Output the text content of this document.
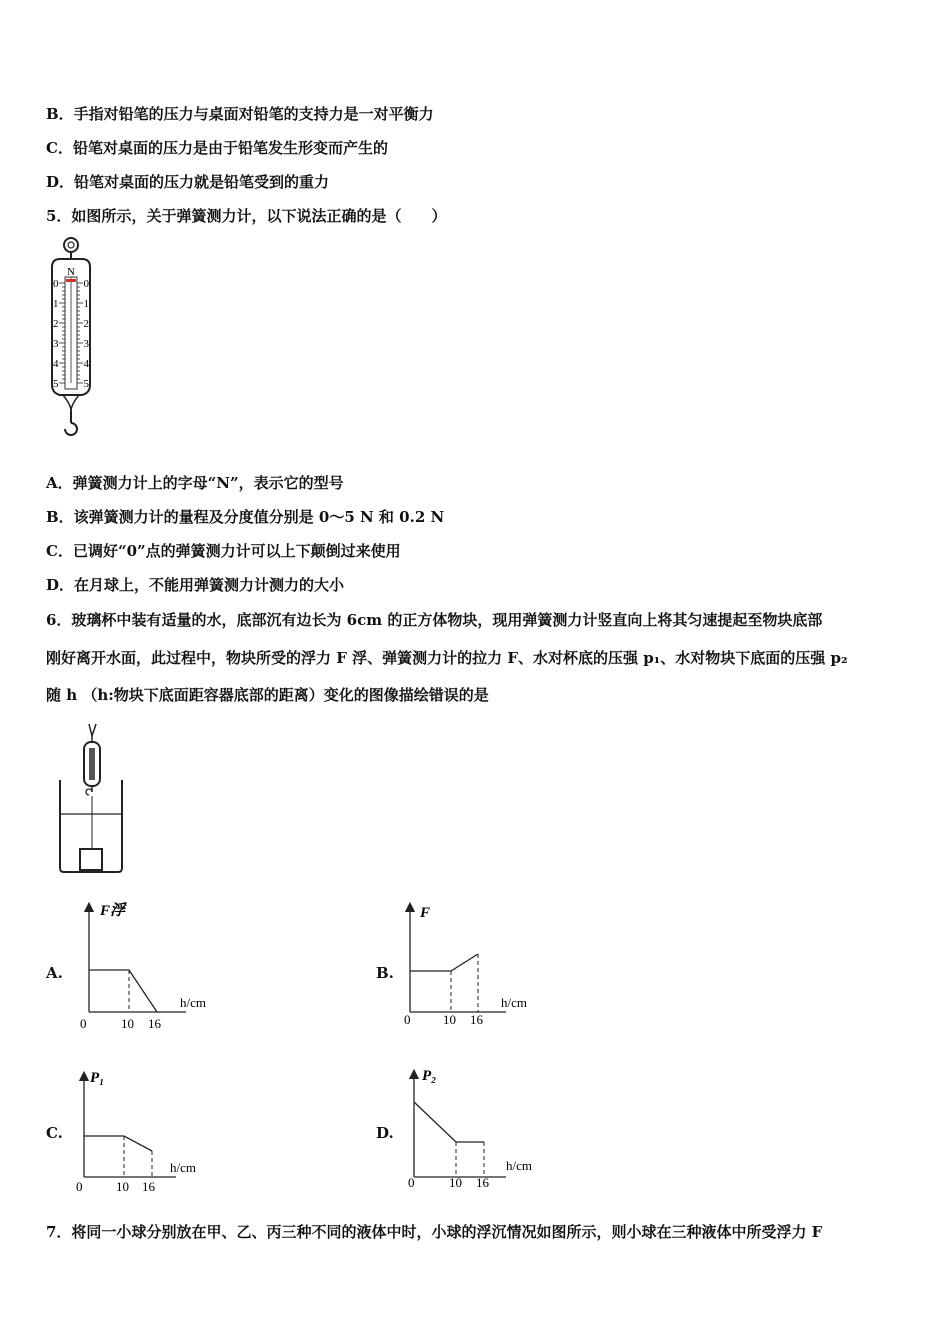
B．手指对铅笔的压力与桌面对铅笔的支持力是一对平衡力
C．铅笔对桌面的压力是由于铅笔发生形变而产生的
D．铅笔对桌面的压力就是铅笔受到的重力
5．如图所示，关于弹簧测力计，以下说法正确的是（　　）
N
0
1
2
3
4
5
0
1
2
3
4
5
A．弹簧测力计上的字母“N”，表示它的型号
B．该弹簧测力计的量程及分度值分别是 0～5 N 和 0.2 N
C．已调好“0”点的弹簧测力计可以上下颠倒过来使用
D．在月球上，不能用弹簧测力计测力的大小
6．玻璃杯中装有适量的水，底部沉有边长为 6cm 的正方体物块，现用弹簧测力计竖直向上将其匀速提起至物块底部
刚好离开水面，此过程中，物块所受的浮力 F 浮、弹簧测力计的拉力 F、水对杯底的压强 p₁、水对物块下底面的压强 p₂
随 h （h:物块下底面距容器底部的距离）变化的图像描绘错误的是
A.	B.
C.	D.
F浮
h/cm
0	10 16
F
h/cm
0	10 16
P₁
h/cm
0	10 16
P₂
h/cm
0	10 16
7．将同一小球分别放在甲、乙、丙三种不同的液体中时，小球的浮沉情况如图所示，则小球在三种液体中所受浮力 F
